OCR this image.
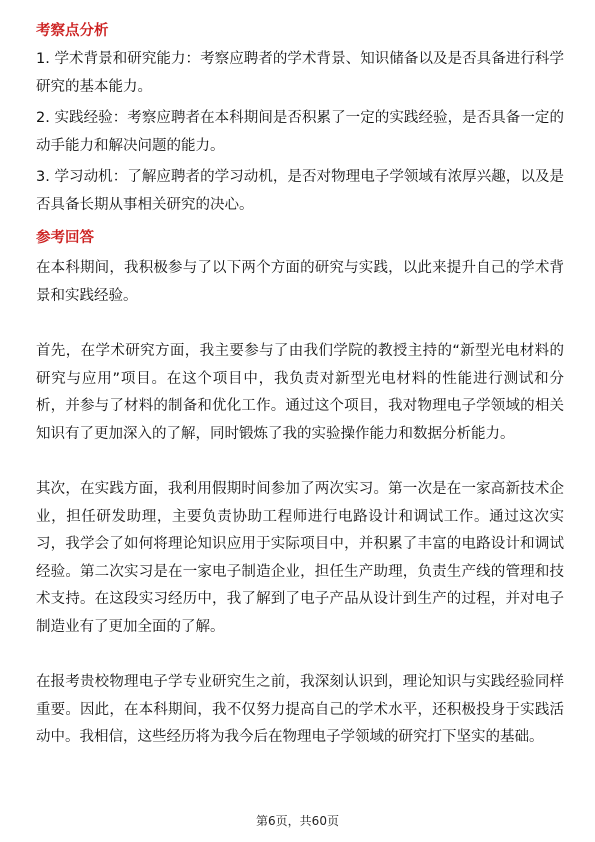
考察点分析

1. 学术背景和研究能力：考察应聘者的学术背景、知识储备以及是否具备进行科学研究的基本能力。

2. 实践经验：考察应聘者在本科期间是否积累了一定的实践经验，是否具备一定的动手能力和解决问题的能力。

3. 学习动机：了解应聘者的学习动机，是否对物理电子学领域有浓厚兴趣，以及是否具备长期从事相关研究的决心。

参考回答

在本科期间，我积极参与了以下两个方面的研究与实践，以此来提升自己的学术背景和实践经验。

首先，在学术研究方面，我主要参与了由我们学院的教授主持的“新型光电材料的研究与应用”项目。在这个项目中，我负责对新型光电材料的性能进行测试和分析，并参与了材料的制备和优化工作。通过这个项目，我对物理电子学领域的相关知识有了更加深入的了解，同时锻炼了我的实验操作能力和数据分析能力。

其次，在实践方面，我利用假期时间参加了两次实习。第一次是在一家高新技术企业，担任研发助理，主要负责协助工程师进行电路设计和调试工作。通过这次实习，我学会了如何将理论知识应用于实际项目中，并积累了丰富的电路设计和调试经验。第二次实习是在一家电子制造企业，担任生产助理，负责生产线的管理和技术支持。在这段实习经历中，我了解到了电子产品从设计到生产的过程，并对电子制造业有了更加全面的了解。

在报考贵校物理电子学专业研究生之前，我深刻认识到，理论知识与实践经验同样重要。因此，在本科期间，我不仅努力提高自己的学术水平，还积极投身于实践活动中。我相信，这些经历将为我今后在物理电子学领域的研究打下坚实的基础。

第6页，共60页
